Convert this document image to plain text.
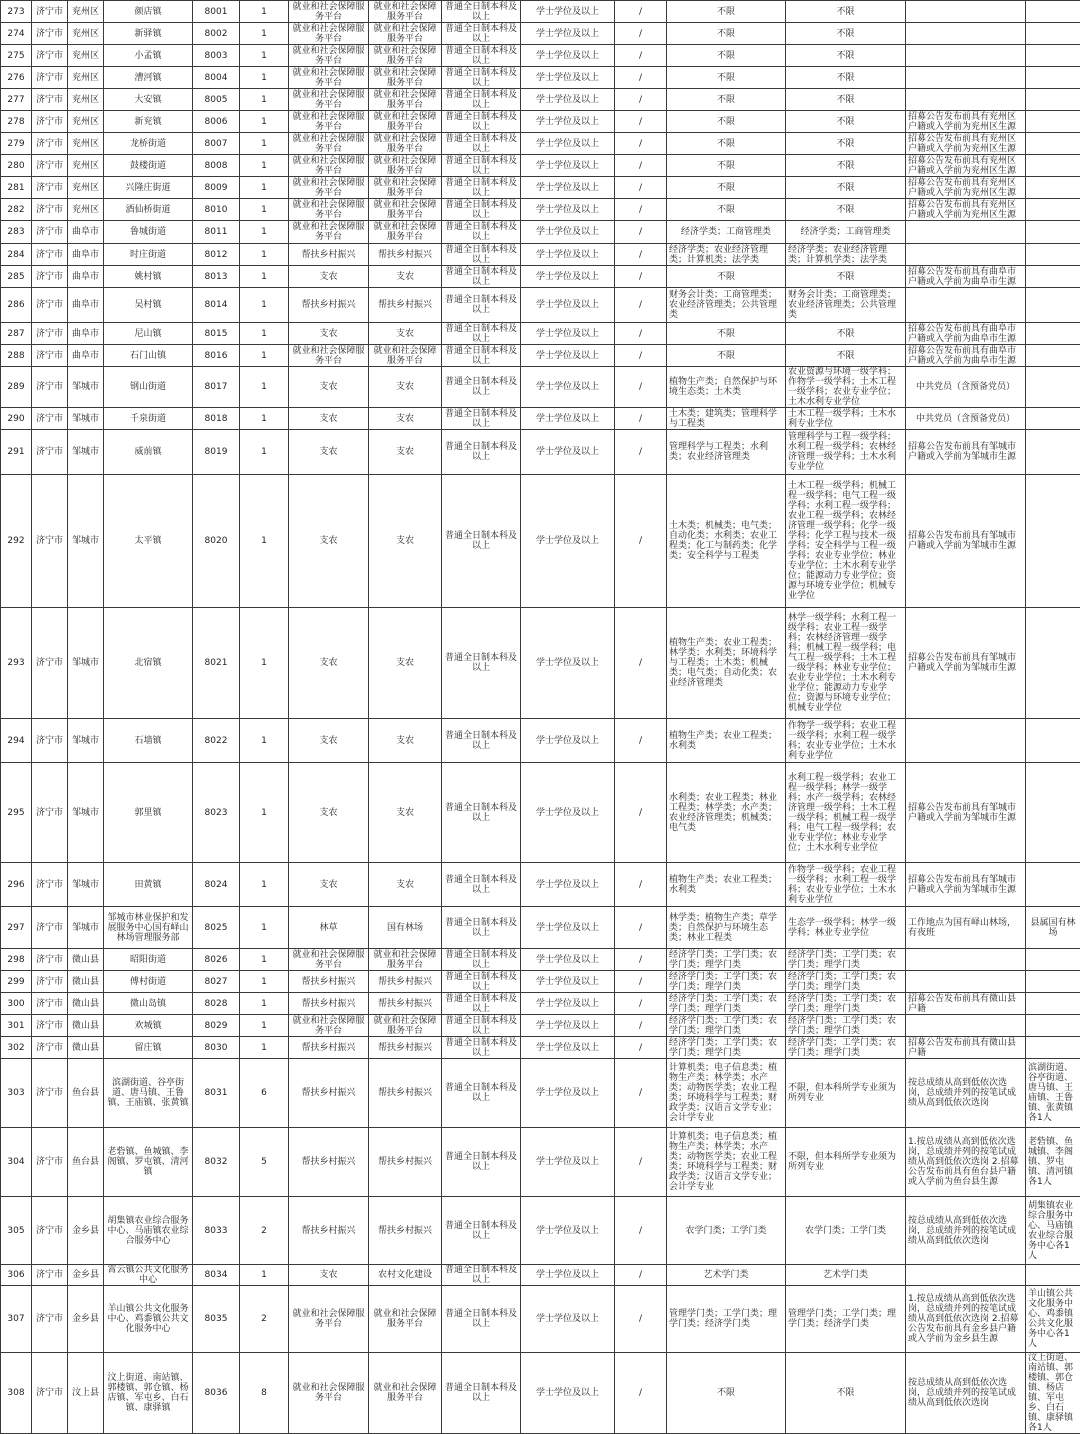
273	济宁市	兖州区	颜店镇	8001	1	就业和社会保障服务平台	就业和社会保障服务平台	普通全日制本科及以上	学士学位及以上	/	不限	不限		
274	济宁市	兖州区	新驿镇	8002	1	就业和社会保障服务平台	就业和社会保障服务平台	普通全日制本科及以上	学士学位及以上	/	不限	不限		
275	济宁市	兖州区	小孟镇	8003	1	就业和社会保障服务平台	就业和社会保障服务平台	普通全日制本科及以上	学士学位及以上	/	不限	不限		
276	济宁市	兖州区	漕河镇	8004	1	就业和社会保障服务平台	就业和社会保障服务平台	普通全日制本科及以上	学士学位及以上	/	不限	不限		
277	济宁市	兖州区	大安镇	8005	1	就业和社会保障服务平台	就业和社会保障服务平台	普通全日制本科及以上	学士学位及以上	/	不限	不限		
278	济宁市	兖州区	新兖镇	8006	1	就业和社会保障服务平台	就业和社会保障服务平台	普通全日制本科及以上	学士学位及以上	/	不限	不限	招募公告发布前具有兖州区户籍或入学前为兖州区生源	
279	济宁市	兖州区	龙桥街道	8007	1	就业和社会保障服务平台	就业和社会保障服务平台	普通全日制本科及以上	学士学位及以上	/	不限	不限	招募公告发布前具有兖州区户籍或入学前为兖州区生源	
280	济宁市	兖州区	鼓楼街道	8008	1	就业和社会保障服务平台	就业和社会保障服务平台	普通全日制本科及以上	学士学位及以上	/	不限	不限	招募公告发布前具有兖州区户籍或入学前为兖州区生源	
281	济宁市	兖州区	兴隆庄街道	8009	1	就业和社会保障服务平台	就业和社会保障服务平台	普通全日制本科及以上	学士学位及以上	/	不限	不限	招募公告发布前具有兖州区户籍或入学前为兖州区生源	
282	济宁市	兖州区	酒仙桥街道	8010	1	就业和社会保障服务平台	就业和社会保障服务平台	普通全日制本科及以上	学士学位及以上	/	不限	不限	招募公告发布前具有兖州区户籍或入学前为兖州区生源	
283	济宁市	曲阜市	鲁城街道	8011	1	就业和社会保障服务平台	就业和社会保障服务平台	普通全日制本科及以上	学士学位及以上	/	经济学类；工商管理类	经济学类；工商管理类		
284	济宁市	曲阜市	时庄街道	8012	1	帮扶乡村振兴	帮扶乡村振兴	普通全日制本科及以上	学士学位及以上	/	经济学类；农业经济管理类；计算机类；法学类	经济学类；农业经济管理类；计算机学类；法学类		
285	济宁市	曲阜市	姚村镇	8013	1	支农	支农	普通全日制本科及以上	学士学位及以上	/	不限	不限	招募公告发布前具有曲阜市户籍或入学前为曲阜市生源	
286	济宁市	曲阜市	吴村镇	8014	1	帮扶乡村振兴	帮扶乡村振兴	普通全日制本科及以上	学士学位及以上	/	财务会计类；工商管理类；农业经济管理类；公共管理类	财务会计类；工商管理类；农业经济管理类；公共管理类		
287	济宁市	曲阜市	尼山镇	8015	1	支农	支农	普通全日制本科及以上	学士学位及以上	/	不限	不限	招募公告发布前具有曲阜市户籍或入学前为曲阜市生源	
288	济宁市	曲阜市	石门山镇	8016	1	就业和社会保障服务平台	就业和社会保障服务平台	普通全日制本科及以上	学士学位及以上	/	不限	不限	招募公告发布前具有曲阜市户籍或入学前为曲阜市生源	
289	济宁市	邹城市	钢山街道	8017	1	支农	支农	普通全日制本科及以上	学士学位及以上	/	植物生产类；自然保护与环境生态类；土木类	农业资源与环境一级学科；作物学一级学科；土木工程一级学科；农业专业学位；土木水利专业学位	中共党员（含预备党员）	
290	济宁市	邹城市	千泉街道	8018	1	支农	支农	普通全日制本科及以上	学士学位及以上	/	土木类；建筑类；管理科学与工程类	土木工程一级学科；土木水利专业学位	中共党员（含预备党员）	
291	济宁市	邹城市	威前镇	8019	1	支农	支农	普通全日制本科及以上	学士学位及以上	/	管理科学与工程类；水利类；农业经济管理类	管理科学与工程一级学科；水利工程一级学科；农林经济管理一级学科；土木水利专业学位	招募公告发布前具有邹城市户籍或入学前为邹城市生源	
292	济宁市	邹城市	太平镇	8020	1	支农	支农	普通全日制本科及以上	学士学位及以上	/	土木类；机械类；电气类；自动化类；水利类；农业工程类；化工与制药类；化学类；安全科学与工程类	土木工程一级学科；机械工程一级学科；电气工程一级学科；水利工程一级学科；农业工程一级学科；农林经济管理一级学科；化学一级学科；化学工程与技术一级学科；安全科学与工程一级学科；农业专业学位；林业专业学位；土木水利专业学位；能源动力专业学位；资源与环境专业学位；机械专业学位	招募公告发布前具有邹城市户籍或入学前为邹城市生源	
293	济宁市	邹城市	北宿镇	8021	1	支农	支农	普通全日制本科及以上	学士学位及以上	/	植物生产类；农业工程类；林学类；水利类；环境科学与工程类；土木类；机械类；电气类；自动化类；农业经济管理类	林学一级学科；水利工程一级学科；农业工程一级学科；农林经济管理一级学科；机械工程一级学科；电气工程一级学科；土木工程一级学科；林业专业学位；农业专业学位；土木水利专业学位；能源动力专业学位；资源与环境专业学位；机械专业学位	招募公告发布前具有邹城市户籍或入学前为邹城市生源	
294	济宁市	邹城市	石墙镇	8022	1	支农	支农	普通全日制本科及以上	学士学位及以上	/	植物生产类；农业工程类；水利类	作物学一级学科；农业工程一级学科；水利工程一级学科；农业专业学位；土木水利专业学位		
295	济宁市	邹城市	郭里镇	8023	1	支农	支农	普通全日制本科及以上	学士学位及以上	/	水利类；农业工程类；林业工程类；林学类；水产类；农业经济管理类；机械类；电气类	水利工程一级学科；农业工程一级学科；林学一级学科；水产一级学科；农林经济管理一级学科；土木工程一级学科；机械工程一级学科；电气工程一级学科；农业专业学位；林业专业学位；土木水利专业学位	招募公告发布前具有邹城市户籍或入学前为邹城市生源	
296	济宁市	邹城市	田黄镇	8024	1	支农	支农	普通全日制本科及以上	学士学位及以上	/	植物生产类；农业工程类；水利类	作物学一级学科；农业工程一级学科；水利工程一级学科；农业专业学位；土木水利专业学位	招募公告发布前具有邹城市户籍或入学前为邹城市生源	
297	济宁市	邹城市	邹城市林业保护和发展服务中心国有峄山林场管理服务部	8025	1	林草	国有林场	普通全日制本科及以上	学士学位及以上	/	林学类；植物生产类；草学类；自然保护与环境生态类；林业工程类	生态学一级学科；林学一级学科；林业专业学位	工作地点为国有峄山林场，有夜班	县属国有林场
298	济宁市	微山县	昭阳街道	8026	1	就业和社会保障服务平台	就业和社会保障服务平台	普通全日制本科及以上	学士学位及以上	/	经济学门类；工学门类；农学门类；理学门类	经济学门类；工学门类；农学门类；理学门类		
299	济宁市	微山县	傅村街道	8027	1	帮扶乡村振兴	帮扶乡村振兴	普通全日制本科及以上	学士学位及以上	/	经济学门类；工学门类；农学门类；理学门类	经济学门类；工学门类；农学门类；理学门类		
300	济宁市	微山县	微山岛镇	8028	1	帮扶乡村振兴	帮扶乡村振兴	普通全日制本科及以上	学士学位及以上	/	经济学门类；工学门类；农学门类；理学门类	经济学门类；工学门类；农学门类；理学门类	招募公告发布前具有微山县户籍	
301	济宁市	微山县	欢城镇	8029	1	就业和社会保障服务平台	就业和社会保障服务平台	普通全日制本科及以上	学士学位及以上	/	经济学门类；工学门类；农学门类；理学门类	经济学门类；工学门类；农学门类；理学门类		
302	济宁市	微山县	留庄镇	8030	1	帮扶乡村振兴	帮扶乡村振兴	普通全日制本科及以上	学士学位及以上	/	经济学门类；工学门类；农学门类；理学门类	经济学门类；工学门类；农学门类；理学门类	招募公告发布前具有微山县户籍	
303	济宁市	鱼台县	滨湖街道、谷亭街道、唐马镇、王鲁镇、王庙镇、张黄镇	8031	6	帮扶乡村振兴	帮扶乡村振兴	普通全日制本科及以上	学士学位及以上	/	计算机类；电子信息类；植物生产类；林学类；水产类；动物医学类；农业工程类；环境科学与工程类；财政学类；汉语言文学专业；会计学专业	不限，但本科所学专业须为所列专业	按总成绩从高到低依次选岗，总成绩并列的按笔试成绩从高到低依次选岗	滨湖街道、谷亭街道、唐马镇、王庙镇、王鲁镇、张黄镇各1人
304	济宁市	鱼台县	老砦镇、鱼城镇、李阁镇、罗屯镇、清河镇	8032	5	帮扶乡村振兴	帮扶乡村振兴	普通全日制本科及以上	学士学位及以上	/	计算机类；电子信息类；植物生产类；林学类；水产类；动物医学类；农业工程类；环境科学与工程类；财政学类；汉语言文学专业；会计学专业	不限，但本科所学专业须为所列专业	1.按总成绩从高到低依次选岗，总成绩并列的按笔试成绩从高到低依次选岗 2.招募公告发布前具有鱼台县户籍或入学前为鱼台县生源	老砦镇、鱼城镇、李阁镇、罗屯镇、清河镇各1人
305	济宁市	金乡县	胡集镇农业综合服务中心、马庙镇农业综合服务中心	8033	2	帮扶乡村振兴	帮扶乡村振兴	普通全日制本科及以上	学士学位及以上	/	农学门类；工学门类	农学门类；工学门类	按总成绩从高到低依次选岗，总成绩并列的按笔试成绩从高到低依次选岗	胡集镇农业综合服务中心、马庙镇农业综合服务中心各1人
306	济宁市	金乡县	霄云镇公共文化服务中心	8034	1	支农	农村文化建设	普通全日制本科及以上	学士学位及以上	/	艺术学门类	艺术学门类		
307	济宁市	金乡县	羊山镇公共文化服务中心、鸡黍镇公共文化服务中心	8035	2	就业和社会保障服务平台	就业和社会保障服务平台	普通全日制本科及以上	学士学位及以上	/	管理学门类；工学门类；理学门类；经济学门类	管理学门类；工学门类；理学门类；经济学门类	1.按总成绩从高到低依次选岗，总成绩并列的按笔试成绩从高到低依次选岗 2.招募公告发布前具有金乡县户籍或入学前为金乡县生源	羊山镇公共文化服务中心、鸡黍镇公共文化服务中心各1人
308	济宁市	汶上县	汶上街道、南站镇、郭楼镇、郭仓镇、杨店镇、军屯乡、白石镇、康驿镇	8036	8	就业和社会保障服务平台	就业和社会保障服务平台	普通全日制本科及以上	学士学位及以上	/	不限	不限	按总成绩从高到低依次选岗，总成绩并列的按笔试成绩从高到低依次选岗	汶上街道、南站镇、郭楼镇、郭仓镇、杨店镇、军屯乡、白石镇、康驿镇各1人
